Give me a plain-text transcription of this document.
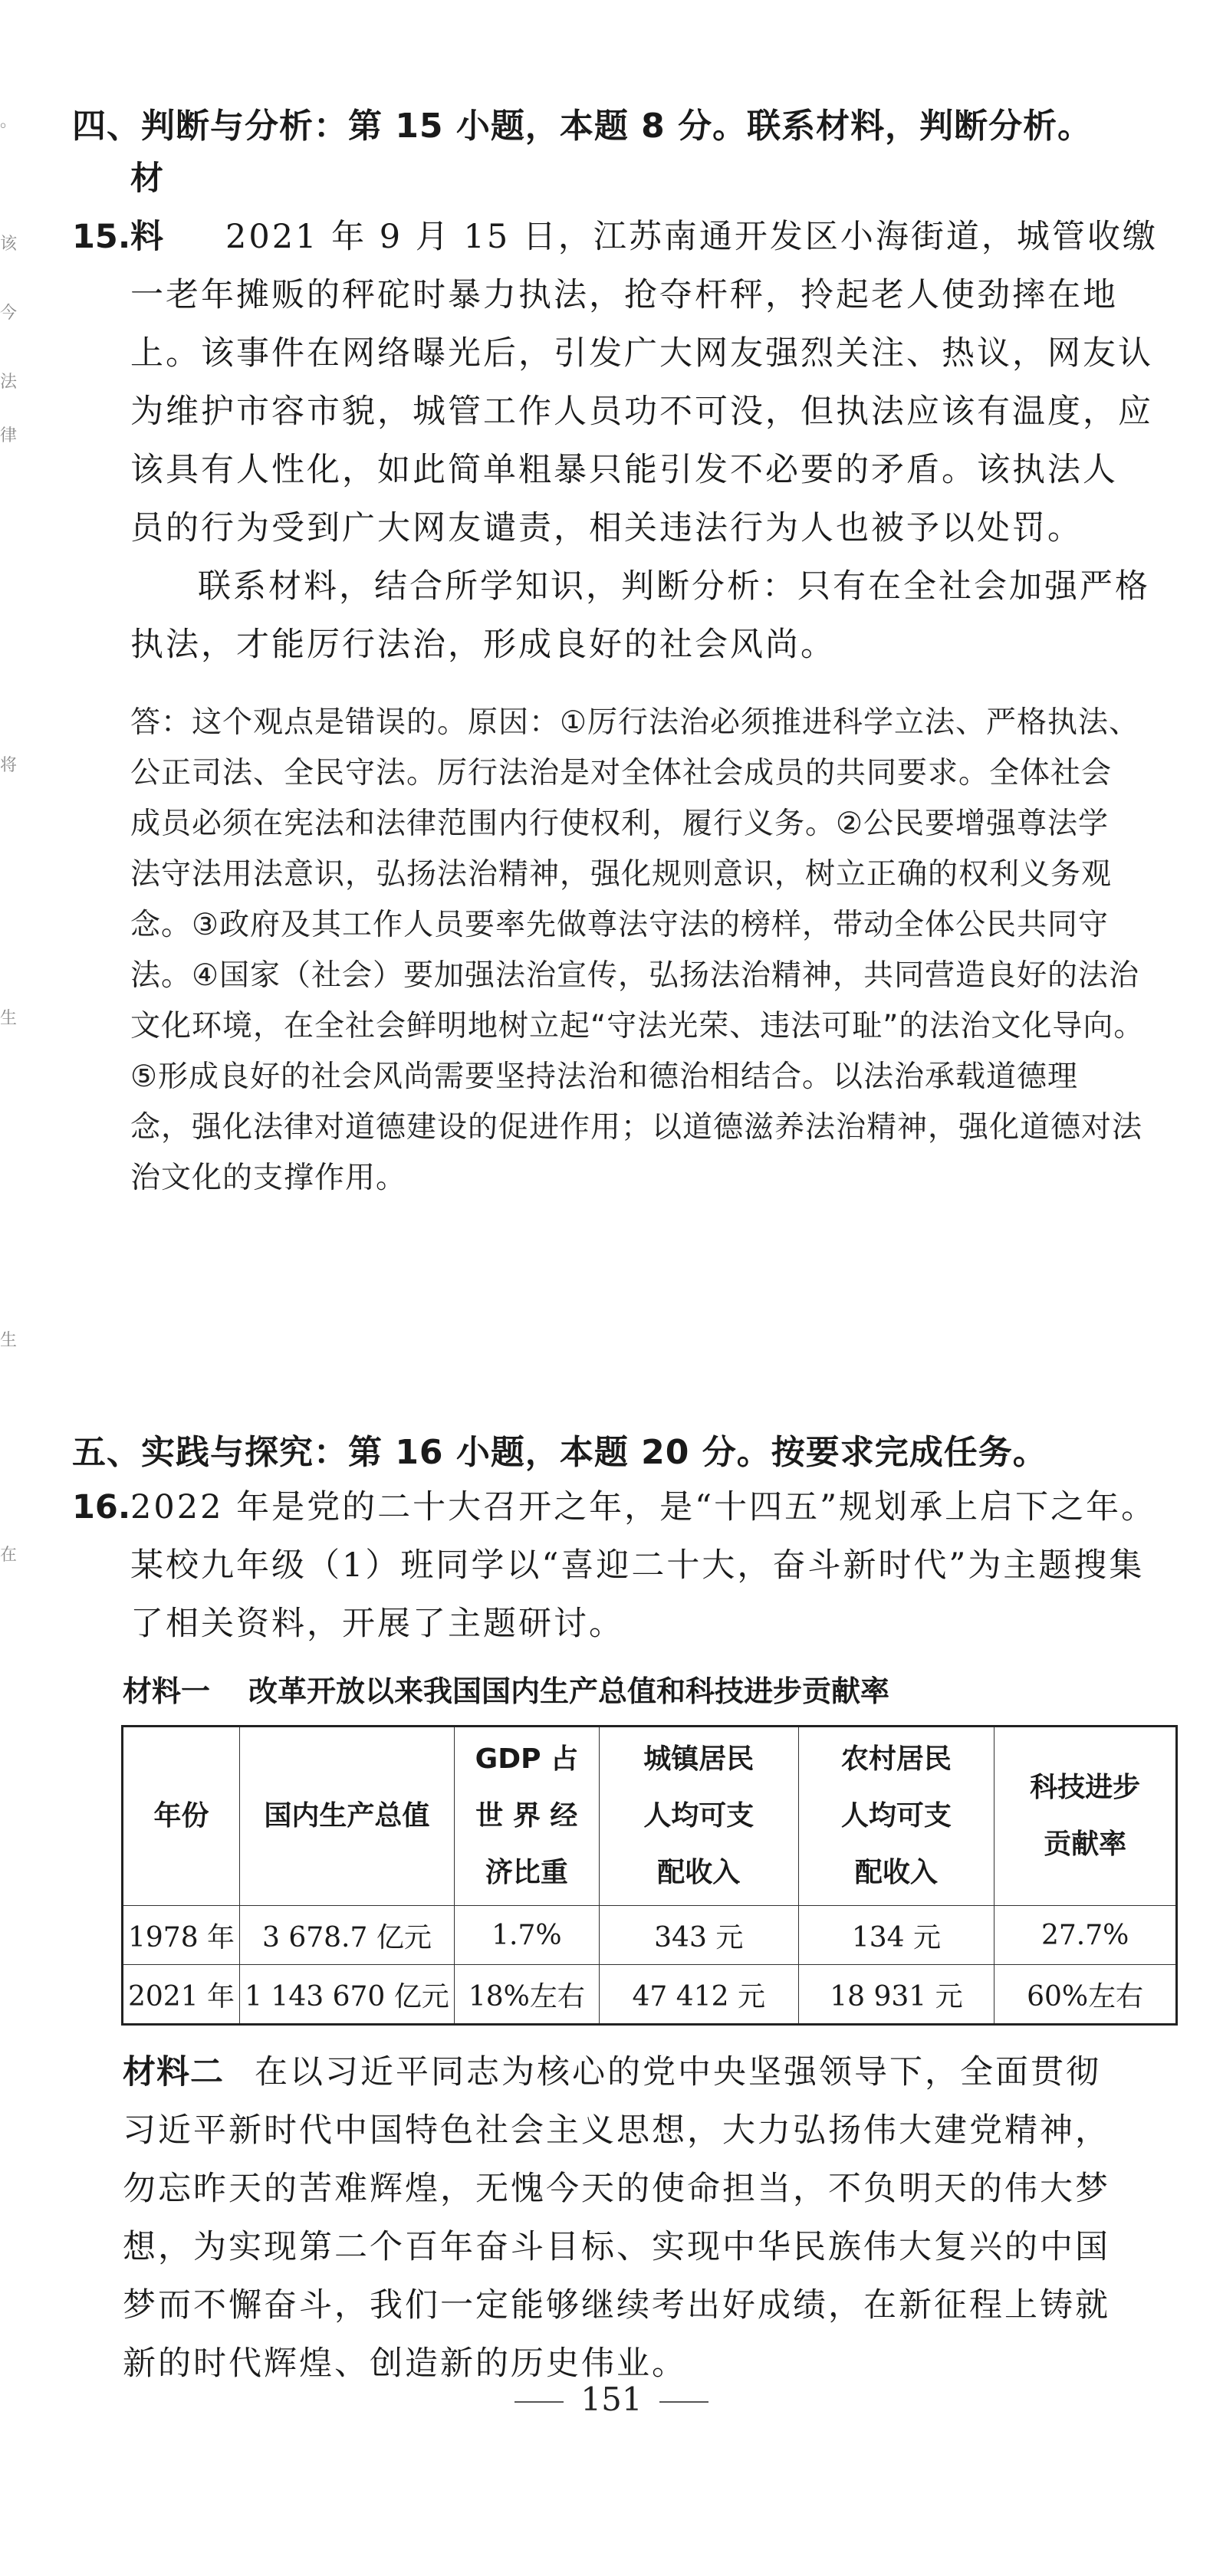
。
该
今
法
律
将
生
生
在
四、判断与分析：第 15 小题，本题 8 分。联系材料，判断分析。
15.材料 2021 年 9 月 15 日，江苏南通开发区小海街道，城管收缴
一老年摊贩的秤砣时暴力执法，抢夺杆秤，拎起老人使劲摔在地
上。该事件在网络曝光后，引发广大网友强烈关注、热议，网友认
为维护市容市貌，城管工作人员功不可没，但执法应该有温度，应
该具有人性化，如此简单粗暴只能引发不必要的矛盾。该执法人
员的行为受到广大网友谴责，相关违法行为人也被予以处罚。
联系材料，结合所学知识，判断分析：只有在全社会加强严格
执法，才能厉行法治，形成良好的社会风尚。
答：这个观点是错误的。原因：①厉行法治必须推进科学立法、严格执法、
公正司法、全民守法。厉行法治是对全体社会成员的共同要求。全体社会
成员必须在宪法和法律范围内行使权利，履行义务。②公民要增强尊法学
法守法用法意识，弘扬法治精神，强化规则意识，树立正确的权利义务观
念。③政府及其工作人员要率先做尊法守法的榜样，带动全体公民共同守
法。④国家（社会）要加强法治宣传，弘扬法治精神，共同营造良好的法治
文化环境，在全社会鲜明地树立起“守法光荣、违法可耻”的法治文化导向。
⑤形成良好的社会风尚需要坚持法治和德治相结合。以法治承载道德理
念，强化法律对道德建设的促进作用；以道德滋养法治精神，强化道德对法
治文化的支撑作用。
五、实践与探究：第 16 小题，本题 20 分。按要求完成任务。
16.2022 年是党的二十大召开之年，是“十四五”规划承上启下之年。
某校九年级（1）班同学以“喜迎二十大，奋斗新时代”为主题搜集
了相关资料，开展了主题研讨。
材料一 改革开放以来我国国内生产总值和科技进步贡献率
年份	国内生产总值	GDP 占
世 界 经
济比重	城镇居民
人均可支
配收入	农村居民
人均可支
配收入	科技进步
贡献率
1978 年	3 678.7 亿元	1.7%	343 元	134 元	27.7%
2021 年	1 143 670 亿元	18%左右	47 412 元	18 931 元	60%左右
材料二 在以习近平同志为核心的党中央坚强领导下，全面贯彻
习近平新时代中国特色社会主义思想，大力弘扬伟大建党精神，
勿忘昨天的苦难辉煌，无愧今天的使命担当，不负明天的伟大梦
想，为实现第二个百年奋斗目标、实现中华民族伟大复兴的中国
梦而不懈奋斗，我们一定能够继续考出好成绩，在新征程上铸就
新的时代辉煌、创造新的历史伟业。
151
